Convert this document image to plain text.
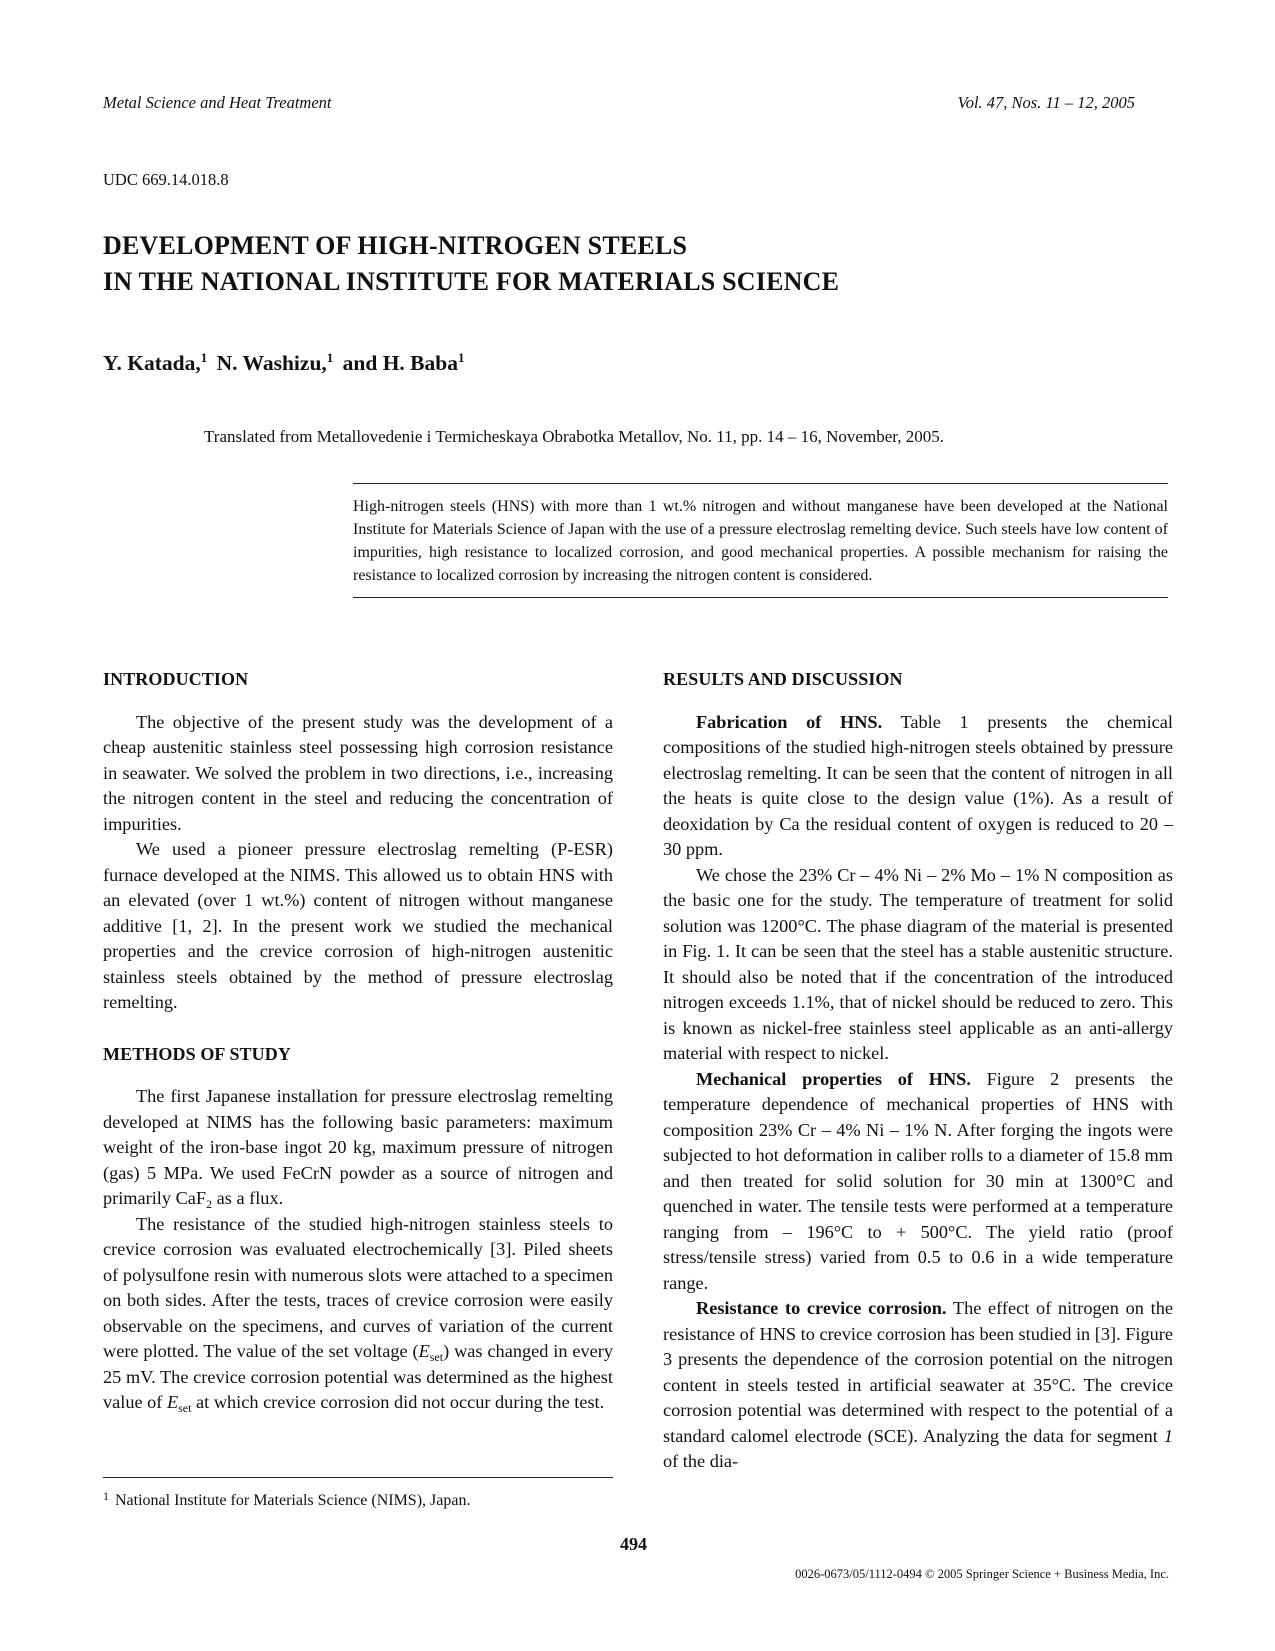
Metal Science and Heat Treatment	Vol. 47, Nos. 11 – 12, 2005
UDC 669.14.018.8
DEVELOPMENT OF HIGH-NITROGEN STEELS
IN THE NATIONAL INSTITUTE FOR MATERIALS SCIENCE
Y. Katada,$^1$ N. Washizu,$^1$ and H. Baba$^1$
Translated from Metallovedenie i Termicheskaya Obrabotka Metallov, No. 11, pp. 14 – 16, November, 2005.
High-nitrogen steels (HNS) with more than 1 wt.% nitrogen and without manganese have been developed at the National Institute for Materials Science of Japan with the use of a pressure electroslag remelting device. Such steels have low content of impurities, high resistance to localized corrosion, and good mechanical properties. A possible mechanism for raising the resistance to localized corrosion by increasing the nitrogen content is considered.
INTRODUCTION

The objective of the present study was the development of a cheap austenitic stainless steel possessing high corrosion resistance in seawater. We solved the problem in two directions, i.e., increasing the nitrogen content in the steel and reducing the concentration of impurities.

We used a pioneer pressure electroslag remelting (P-ESR) furnace developed at the NIMS. This allowed us to obtain HNS with an elevated (over 1 wt.%) content of nitrogen without manganese additive [1, 2]. In the present work we studied the mechanical properties and the crevice corrosion of high-nitrogen austenitic stainless steels obtained by the method of pressure electroslag remelting.

METHODS OF STUDY

The first Japanese installation for pressure electroslag remelting developed at NIMS has the following basic parameters: maximum weight of the iron-base ingot 20 kg, maximum pressure of nitrogen (gas) 5 MPa. We used FeCrN powder as a source of nitrogen and primarily CaF$_2$ as a flux.

The resistance of the studied high-nitrogen stainless steels to crevice corrosion was evaluated electrochemically [3]. Piled sheets of polysulfone resin with numerous slots were attached to a specimen on both sides. After the tests, traces of crevice corrosion were easily observable on the specimens, and curves of variation of the current were plotted. The value of the set voltage $(E_{set})$ was changed in every 25 mV. The crevice corrosion potential was determined as the highest value of $E_{set}$ at which crevice corrosion did not occur during the test.

RESULTS AND DISCUSSION

Fabrication of HNS. Table 1 presents the chemical compositions of the studied high-nitrogen steels obtained by pressure electroslag remelting. It can be seen that the content of nitrogen in all the heats is quite close to the design value (1%). As a result of deoxidation by Ca the residual content of oxygen is reduced to 20 – 30 ppm.

We chose the 23% Cr – 4% Ni – 2% Mo – 1% N composition as the basic one for the study. The temperature of treatment for solid solution was 1200°C. The phase diagram of the material is presented in Fig. 1. It can be seen that the steel has a stable austenitic structure. It should also be noted that if the concentration of the introduced nitrogen exceeds 1.1%, that of nickel should be reduced to zero. This is known as nickel-free stainless steel applicable as an anti-allergy material with respect to nickel.

Mechanical properties of HNS. Figure 2 presents the temperature dependence of mechanical properties of HNS with composition 23% Cr – 4% Ni – 1% N. After forging the ingots were subjected to hot deformation in caliber rolls to a diameter of 15.8 mm and then treated for solid solution for 30 min at 1300°C and quenched in water. The tensile tests were performed at a temperature ranging from – 196°C to + 500°C. The yield ratio (proof stress/tensile stress) varied from 0.5 to 0.6 in a wide temperature range.

Resistance to crevice corrosion. The effect of nitrogen on the resistance of HNS to crevice corrosion has been studied in [3]. Figure 3 presents the dependence of the corrosion potential on the nitrogen content in steels tested in artificial seawater at 35°C. The crevice corrosion potential was determined with respect to the potential of a standard calomel electrode (SCE). Analyzing the data for segment 1 of the dia-

$^1$ National Institute for Materials Science (NIMS), Japan.
494
0026-0673/05/1112-0494 © 2005 Springer Science + Business Media, Inc.
